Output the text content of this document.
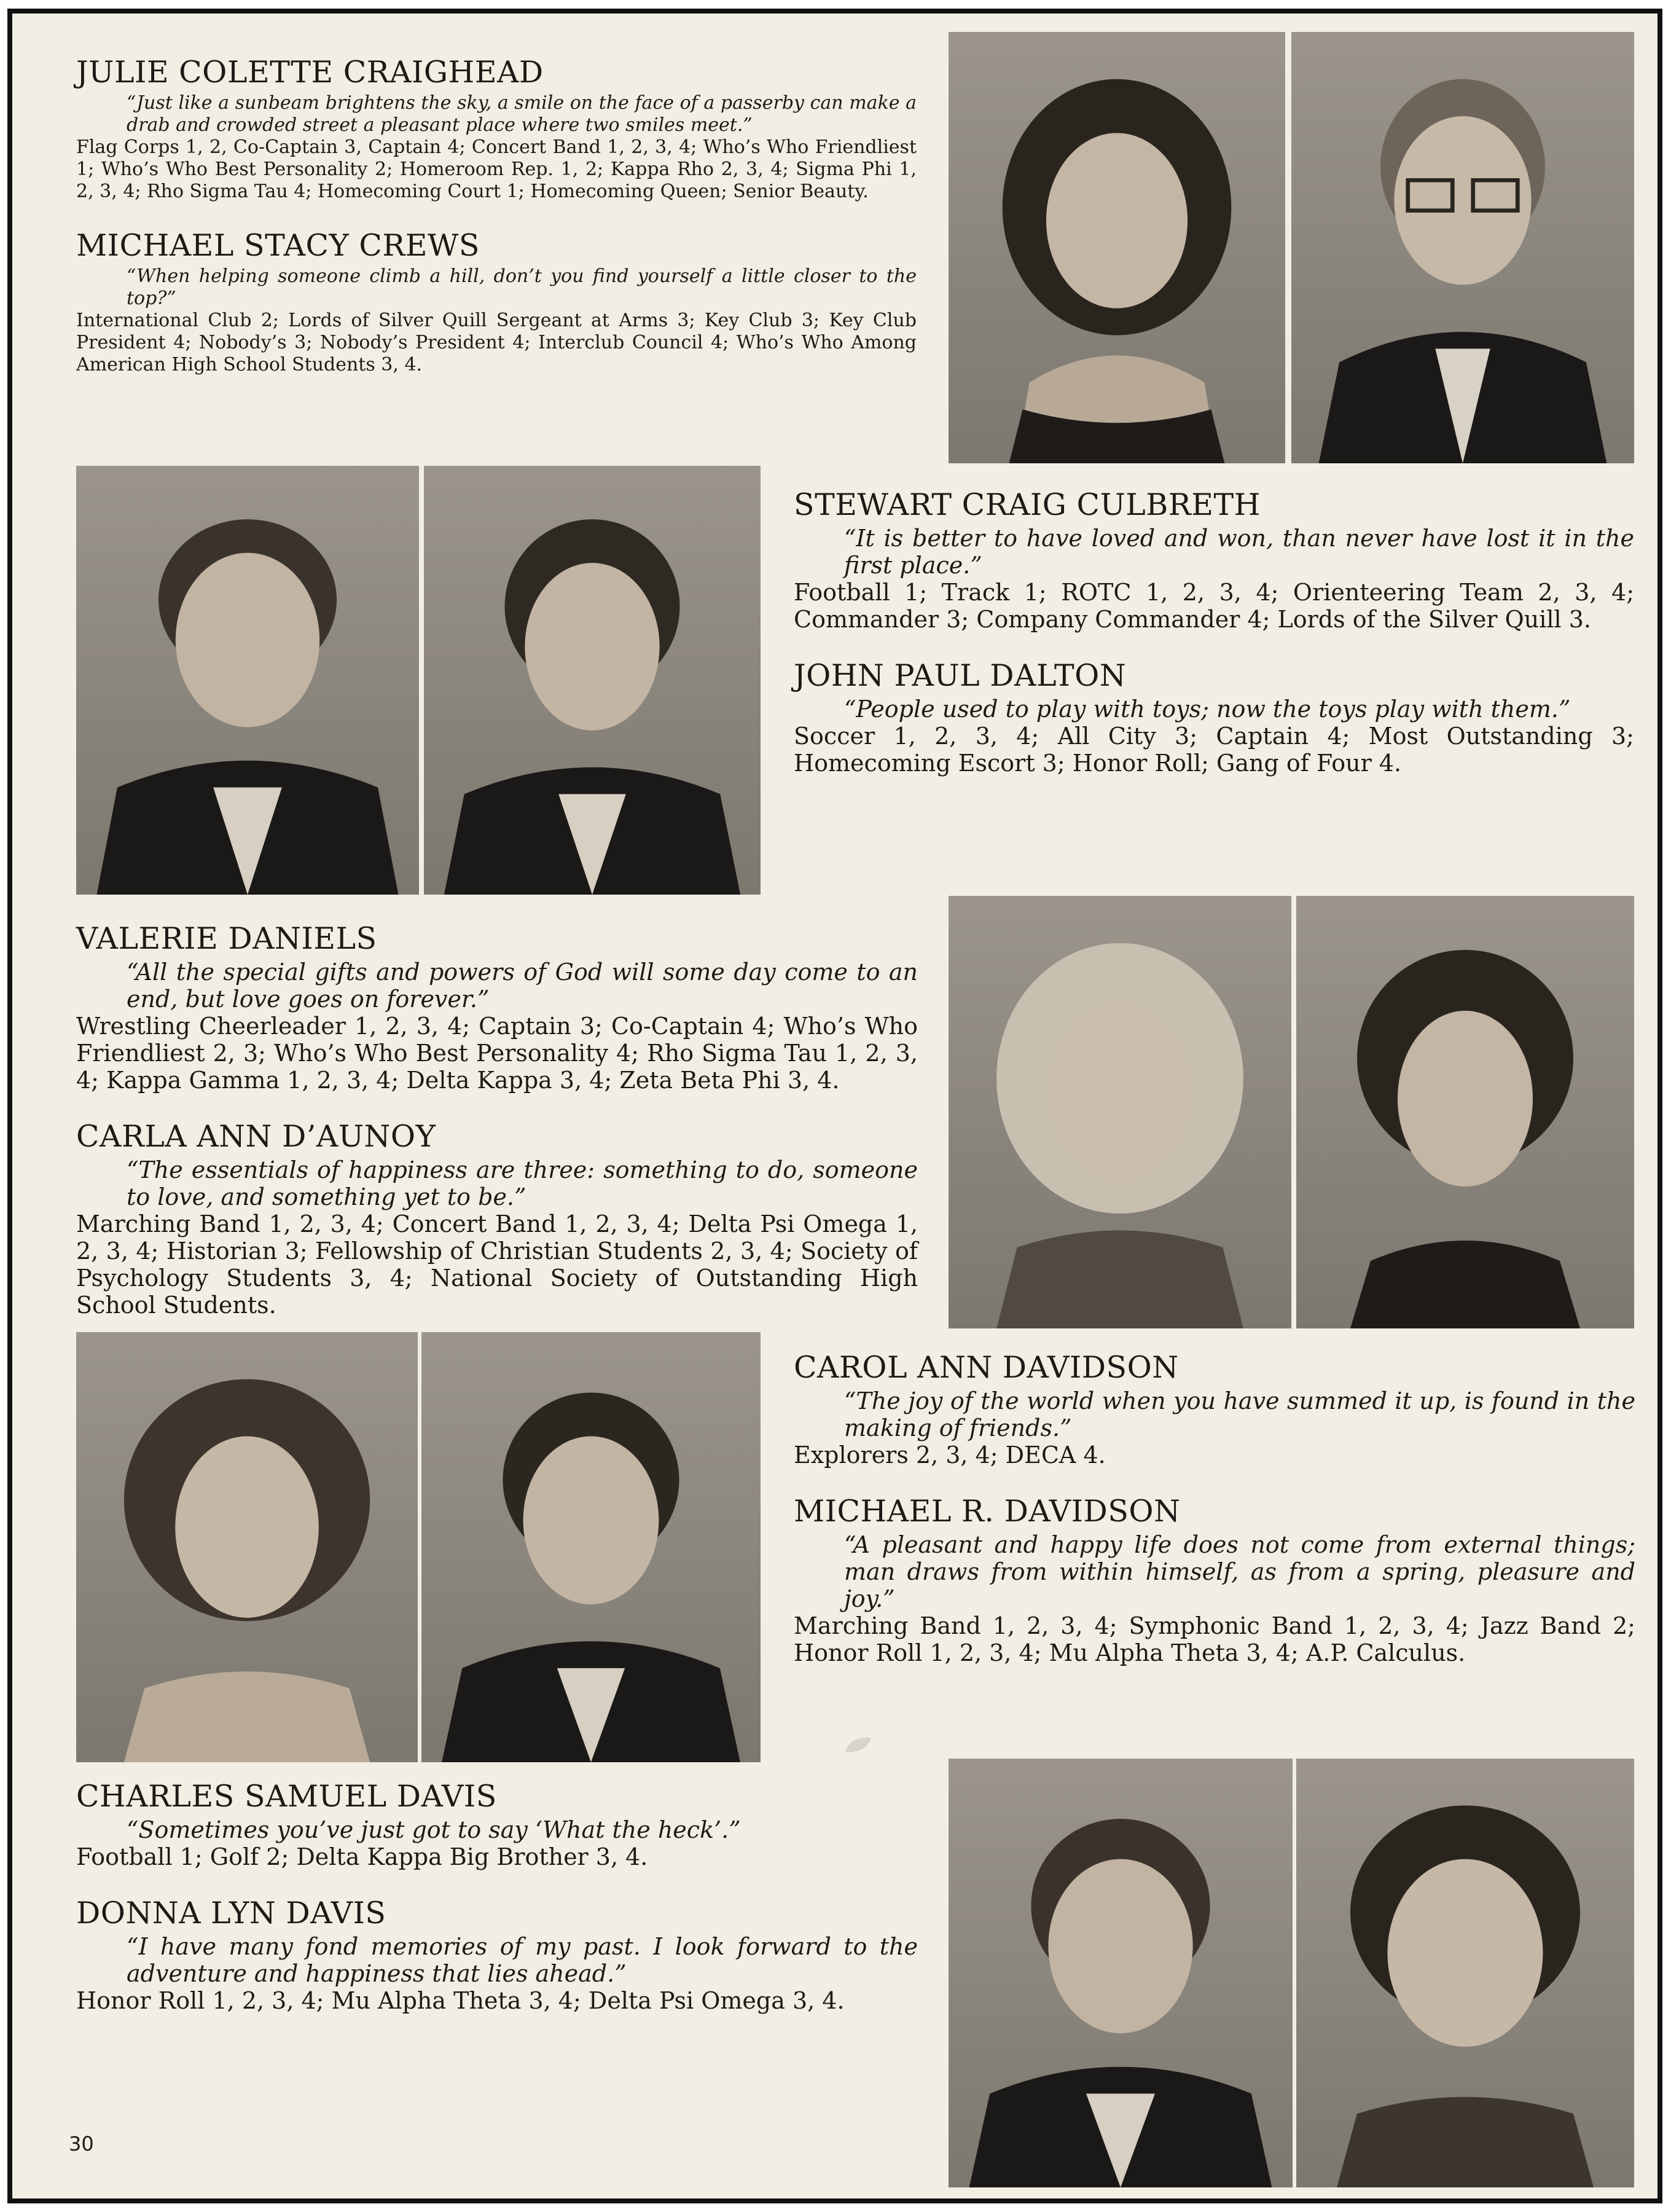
JULIE COLETTE CRAIGHEAD

“Just like a sunbeam brightens the sky, a smile on the face of a passerby can make a drab and crowded street a pleasant place where two smiles meet.”

Flag Corps 1, 2, Co-Captain 3, Captain 4; Concert Band 1, 2, 3, 4; Who’s Who Friendliest 1; Who’s Who Best Personality 2; Homeroom Rep. 1, 2; Kappa Rho 2, 3, 4; Sigma Phi 1, 2, 3, 4; Rho Sigma Tau 4; Homecoming Court 1; Homecoming Queen; Senior Beauty.

MICHAEL STACY CREWS

“When helping someone climb a hill, don’t you find yourself a little closer to the top?”

International Club 2; Lords of Silver Quill Sergeant at Arms 3; Key Club 3; Key Club President 4; Nobody’s 3; Nobody’s President 4; Interclub Council 4; Who’s Who Among American High School Students 3, 4.

STEWART CRAIG CULBRETH

“It is better to have loved and won, than never have lost it in the first place.”

Football 1; Track 1; ROTC 1, 2, 3, 4; Orienteering Team 2, 3, 4; Commander 3; Company Commander 4; Lords of the Silver Quill 3.

JOHN PAUL DALTON

“People used to play with toys; now the toys play with them.”

Soccer 1, 2, 3, 4; All City 3; Captain 4; Most Outstanding 3; Homecoming Escort 3; Honor Roll; Gang of Four 4.

VALERIE DANIELS

“All the special gifts and powers of God will some day come to an end, but love goes on forever.”

Wrestling Cheerleader 1, 2, 3, 4; Captain 3; Co-Captain 4; Who’s Who Friendliest 2, 3; Who’s Who Best Personality 4; Rho Sigma Tau 1, 2, 3, 4; Kappa Gamma 1, 2, 3, 4; Delta Kappa 3, 4; Zeta Beta Phi 3, 4.

CARLA ANN D’AUNOY

“The essentials of happiness are three: something to do, someone to love, and something yet to be.”

Marching Band 1, 2, 3, 4; Concert Band 1, 2, 3, 4; Delta Psi Omega 1, 2, 3, 4; Historian 3; Fellowship of Christian Students 2, 3, 4; Society of Psychology Students 3, 4; National Society of Outstanding High School Students.

CAROL ANN DAVIDSON

“The joy of the world when you have summed it up, is found in the making of friends.”

Explorers 2, 3, 4; DECA 4.

MICHAEL R. DAVIDSON

“A pleasant and happy life does not come from external things; man draws from within himself, as from a spring, pleasure and joy.”

Marching Band 1, 2, 3, 4; Symphonic Band 1, 2, 3, 4; Jazz Band 2; Honor Roll 1, 2, 3, 4; Mu Alpha Theta 3, 4; A.P. Calculus.

CHARLES SAMUEL DAVIS

“Sometimes you’ve just got to say ‘What the heck’.”

Football 1; Golf 2; Delta Kappa Big Brother 3, 4.

DONNA LYN DAVIS

“I have many fond memories of my past. I look forward to the adventure and happiness that lies ahead.”

Honor Roll 1, 2, 3, 4; Mu Alpha Theta 3, 4; Delta Psi Omega 3, 4.

30
